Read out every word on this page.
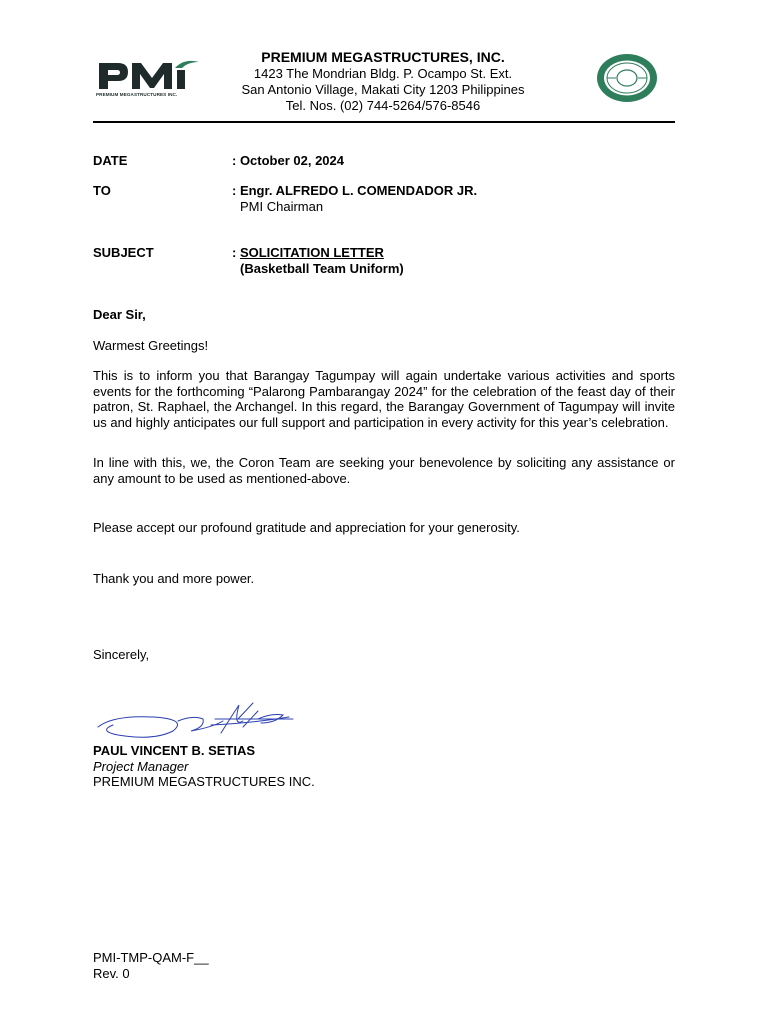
PREMIUM MEGASTRUCTURES INC.
PREMIUM MEGASTRUCTURES, INC.
1423 The Mondrian Bldg. P. Ocampo St. Ext.
San Antonio Village, Makati City 1203 Philippines
Tel. Nos. (02) 744-5264/576-8546
DATE	: October 02, 2024
TO	: Engr. ALFREDO L. COMENDADOR JR.
PMI Chairman
SUBJECT	: SOLICITATION LETTER
(Basketball Team Uniform)
Dear Sir,
Warmest Greetings!
This is to inform you that Barangay Tagumpay will again undertake various activities and sports events for the forthcoming “Palarong Pambarangay 2024” for the celebration of the feast day of their patron, St. Raphael, the Archangel. In this regard, the Barangay Government of Tagumpay will invite us and highly anticipates our full support and participation in every activity for this year’s celebration.
In line with this, we, the Coron Team are seeking your benevolence by soliciting any assistance or any amount to be used as mentioned-above.
Please accept our profound gratitude and appreciation for your generosity.
Thank you and more power.
Sincerely,
PAUL VINCENT B. SETIAS
Project Manager
PREMIUM MEGASTRUCTURES INC.
PMI-TMP-QAM-F__
Rev. 0
